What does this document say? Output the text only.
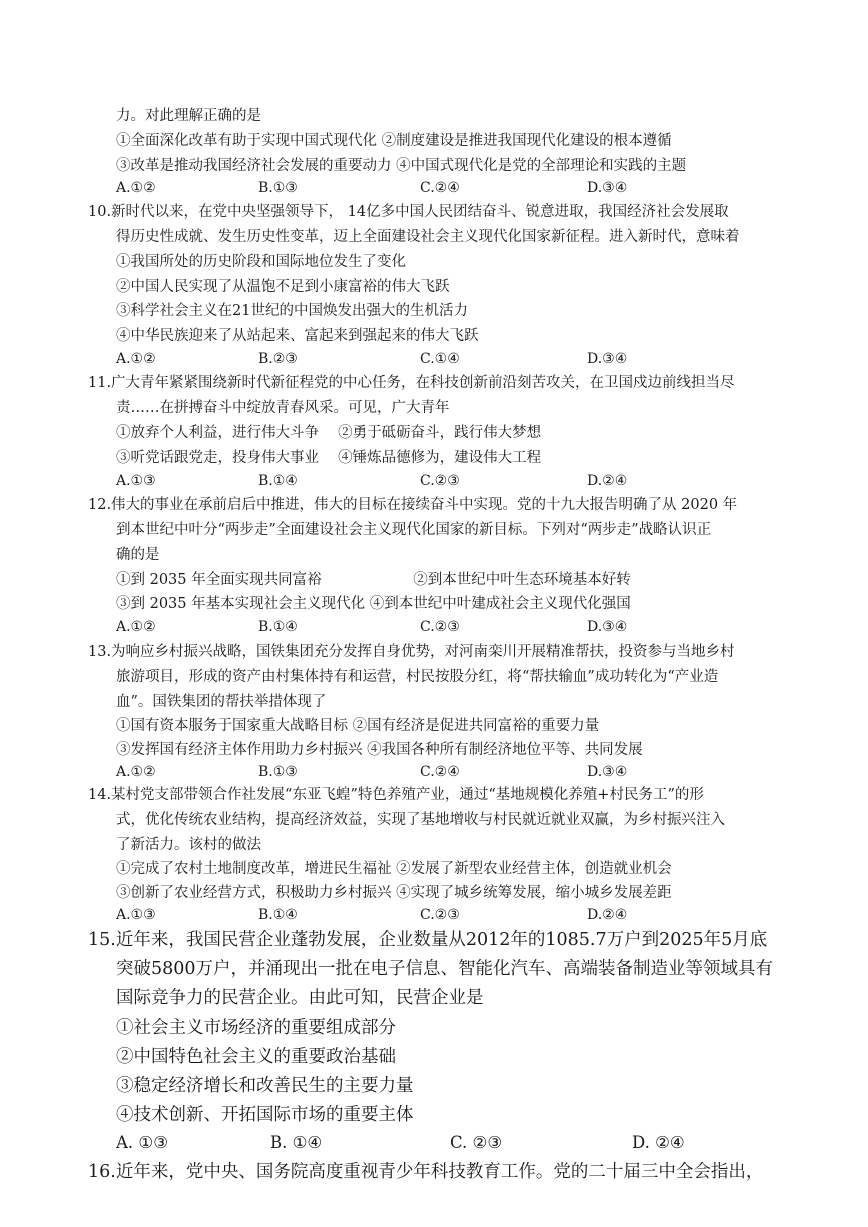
力。对此理解正确的是
①全面深化改革有助于实现中国式现代化 ②制度建设是推进我国现代化建设的根本遵循
③改革是推动我国经济社会发展的重要动力 ④中国式现代化是党的全部理论和实践的主题
A.①②	B.①③	C.②④	D.③④
10.新时代以来，在党中央坚强领导下， 14亿多中国人民团结奋斗、锐意进取，我国经济社会发展取
得历史性成就、发生历史性变革，迈上全面建设社会主义现代化国家新征程。进入新时代，意味着
①我国所处的历史阶段和国际地位发生了变化
②中国人民实现了从温饱不足到小康富裕的伟大飞跃
③科学社会主义在21世纪的中国焕发出强大的生机活力
④中华民族迎来了从站起来、富起来到强起来的伟大飞跃
A.①②	B.②③	C.①④	D.③④
11.广大青年紧紧围绕新时代新征程党的中心任务，在科技创新前沿刻苦攻关，在卫国戍边前线担当尽
责……在拼搏奋斗中绽放青春风采。可见，广大青年
①放弃个人利益，进行伟大斗争　 ②勇于砥砺奋斗，践行伟大梦想
③听党话跟党走，投身伟大事业　 ④锤炼品德修为，建设伟大工程
A.①③	B.①④	C.②③	D.②④
12.伟大的事业在承前启后中推进，伟大的目标在接续奋斗中实现。党的十九大报告明确了从 2020 年
到本世纪中叶分“两步走”全面建设社会主义现代化国家的新目标。下列对“两步走”战略认识正
确的是
①到 2035 年全面实现共同富裕　　　　　　 ②到本世纪中叶生态环境基本好转
③到 2035 年基本实现社会主义现代化 ④到本世纪中叶建成社会主义现代化强国
A.①②	B.①④	C.②③	D.③④
13.为响应乡村振兴战略，国铁集团充分发挥自身优势，对河南栾川开展精准帮扶，投资参与当地乡村
旅游项目，形成的资产由村集体持有和运营，村民按股分红，将“帮扶输血”成功转化为“产业造
血”。国铁集团的帮扶举措体现了
①国有资本服务于国家重大战略目标 ②国有经济是促进共同富裕的重要力量
③发挥国有经济主体作用助力乡村振兴 ④我国各种所有制经济地位平等、共同发展
A.①②	B.①③	C.②④	D.③④
14.某村党支部带领合作社发展“东亚飞蝗”特色养殖产业，通过“基地规模化养殖+村民务工”的形
式，优化传统农业结构，提高经济效益，实现了基地增收与村民就近就业双赢，为乡村振兴注入
了新活力。该村的做法
①完成了农村土地制度改革，增进民生福祉 ②发展了新型农业经营主体，创造就业机会
③创新了农业经营方式，积极助力乡村振兴 ④实现了城乡统筹发展，缩小城乡发展差距
A.①③	B.①④	C.②③	D.②④
15.近年来，我国民营企业蓬勃发展，企业数量从2012年的1085.7万户到2025年5月底
突破5800万户，并涌现出一批在电子信息、智能化汽车、高端装备制造业等领域具有
国际竞争力的民营企业。由此可知，民营企业是
①社会主义市场经济的重要组成部分
②中国特色社会主义的重要政治基础
③稳定经济增长和改善民生的主要力量
④技术创新、开拓国际市场的重要主体
A. ①③	B. ①④	C. ②③	D. ②④
16.近年来，党中央、国务院高度重视青少年科技教育工作。党的二十届三中全会指出，
